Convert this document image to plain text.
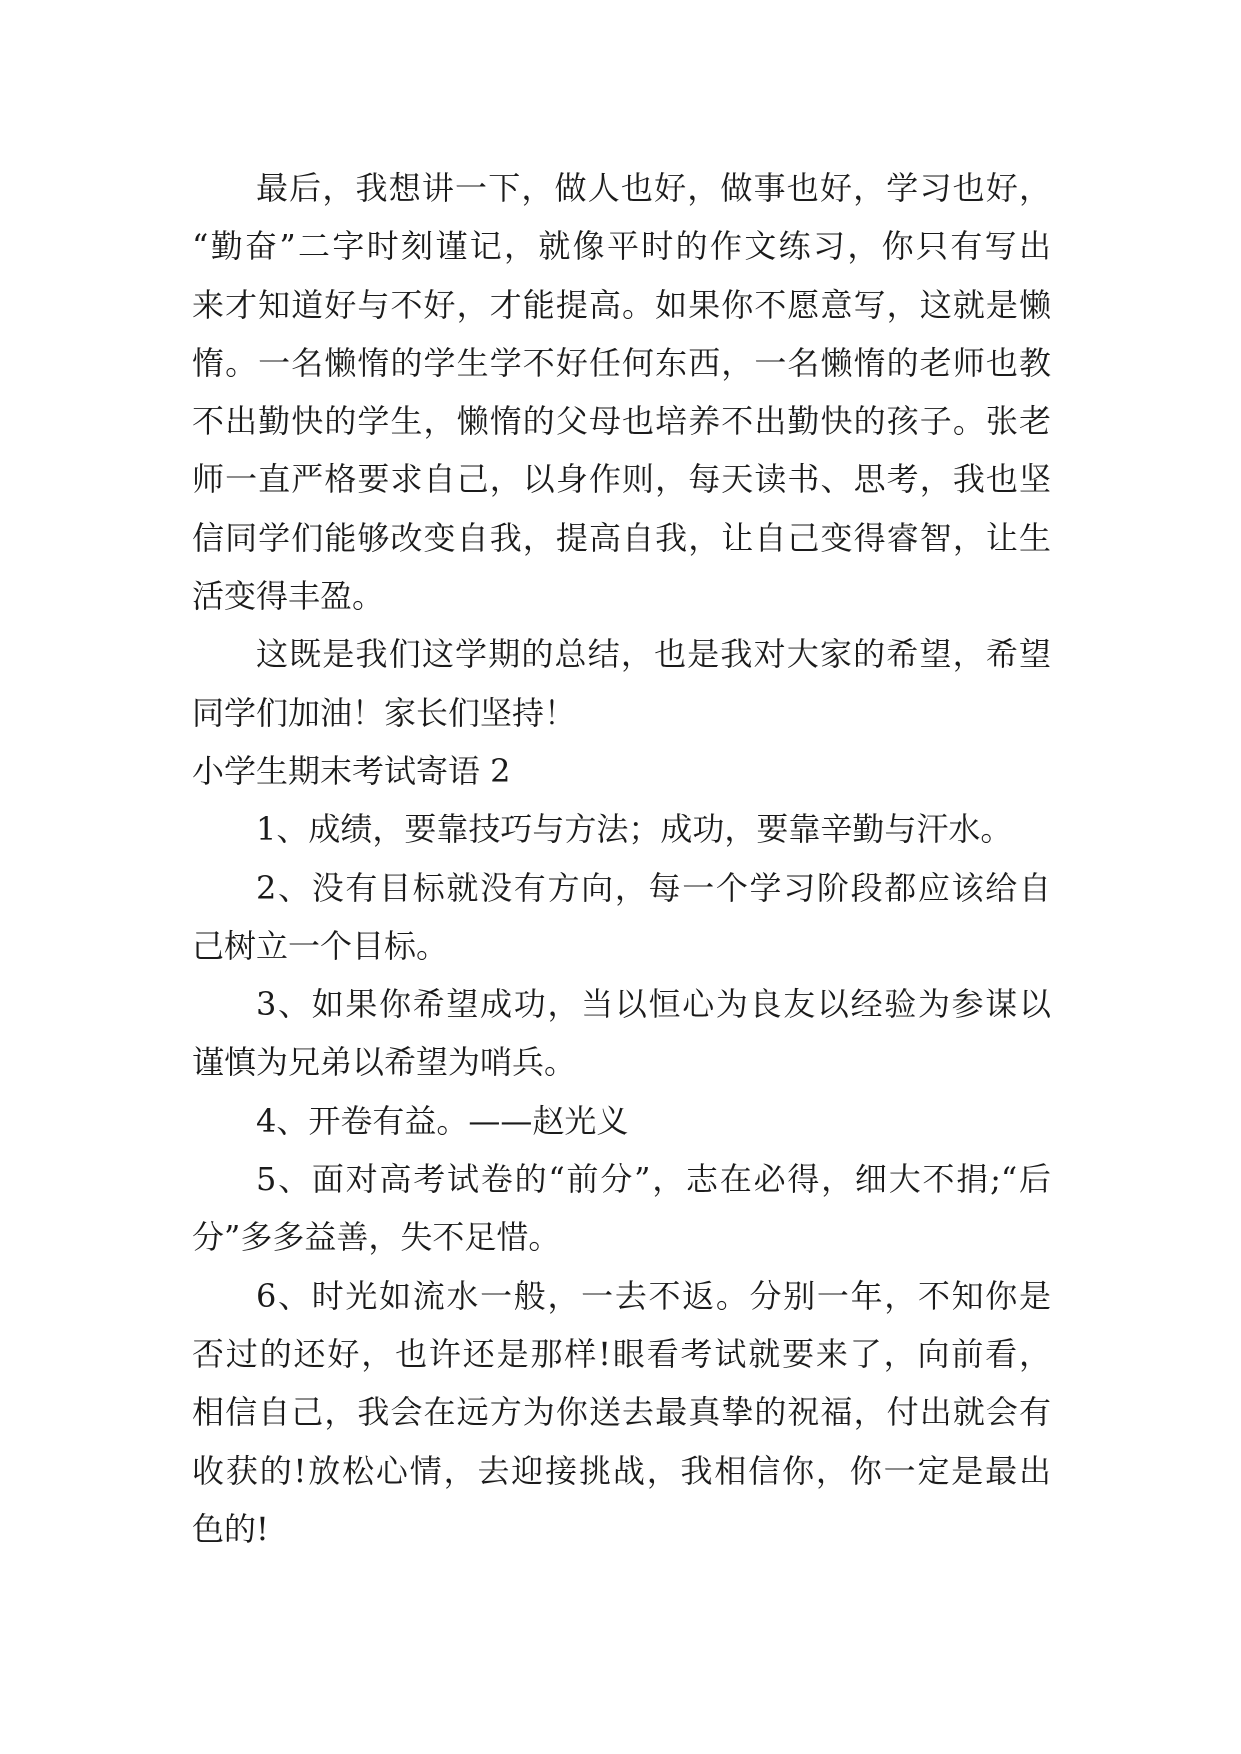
最后，我想讲一下，做人也好，做事也好，学习也好，
“勤奋”二字时刻谨记，就像平时的作文练习，你只有写出
来才知道好与不好，才能提高。如果你不愿意写，这就是懒
惰。一名懒惰的学生学不好任何东西，一名懒惰的老师也教
不出勤快的学生，懒惰的父母也培养不出勤快的孩子。张老
师一直严格要求自己，以身作则，每天读书、思考，我也坚
信同学们能够改变自我，提高自我，让自己变得睿智，让生
活变得丰盈。

这既是我们这学期的总结，也是我对大家的希望，希望
同学们加油！家长们坚持！

小学生期末考试寄语 2

1、成绩，要靠技巧与方法；成功，要靠辛勤与汗水。

2、没有目标就没有方向，每一个学习阶段都应该给自
己树立一个目标。

3、如果你希望成功，当以恒心为良友以经验为参谋以
谨慎为兄弟以希望为哨兵。

4、开卷有益。——赵光义

5、面对高考试卷的“前分”，志在必得，细大不捐;“后
分”多多益善，失不足惜。

6、时光如流水一般，一去不返。分别一年，不知你是
否过的还好，也许还是那样!眼看考试就要来了，向前看，
相信自己，我会在远方为你送去最真挚的祝福，付出就会有
收获的!放松心情，去迎接挑战，我相信你，你一定是最出
色的!
